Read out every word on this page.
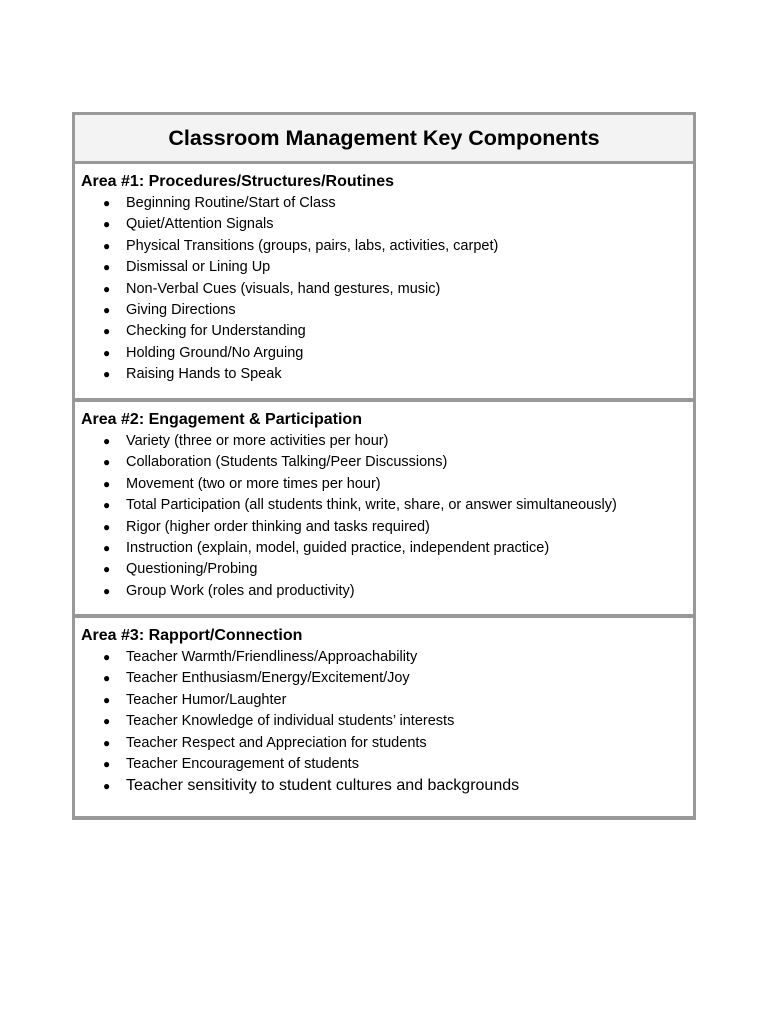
Classroom Management Key Components
Area #1: Procedures/Structures/Routines
● Beginning Routine/Start of Class
● Quiet/Attention Signals
● Physical Transitions (groups, pairs, labs, activities, carpet)
● Dismissal or Lining Up
● Non-Verbal Cues (visuals, hand gestures, music)
● Giving Directions
● Checking for Understanding
● Holding Ground/No Arguing
● Raising Hands to Speak
Area #2: Engagement & Participation
● Variety (three or more activities per hour)
● Collaboration (Students Talking/Peer Discussions)
● Movement (two or more times per hour)
● Total Participation (all students think, write, share, or answer simultaneously)
● Rigor (higher order thinking and tasks required)
● Instruction (explain, model, guided practice, independent practice)
● Questioning/Probing
● Group Work (roles and productivity)
Area #3: Rapport/Connection
● Teacher Warmth/Friendliness/Approachability
● Teacher Enthusiasm/Energy/Excitement/Joy
● Teacher Humor/Laughter
● Teacher Knowledge of individual students’ interests
● Teacher Respect and Appreciation for students
● Teacher Encouragement of students
● Teacher sensitivity to student cultures and backgrounds
